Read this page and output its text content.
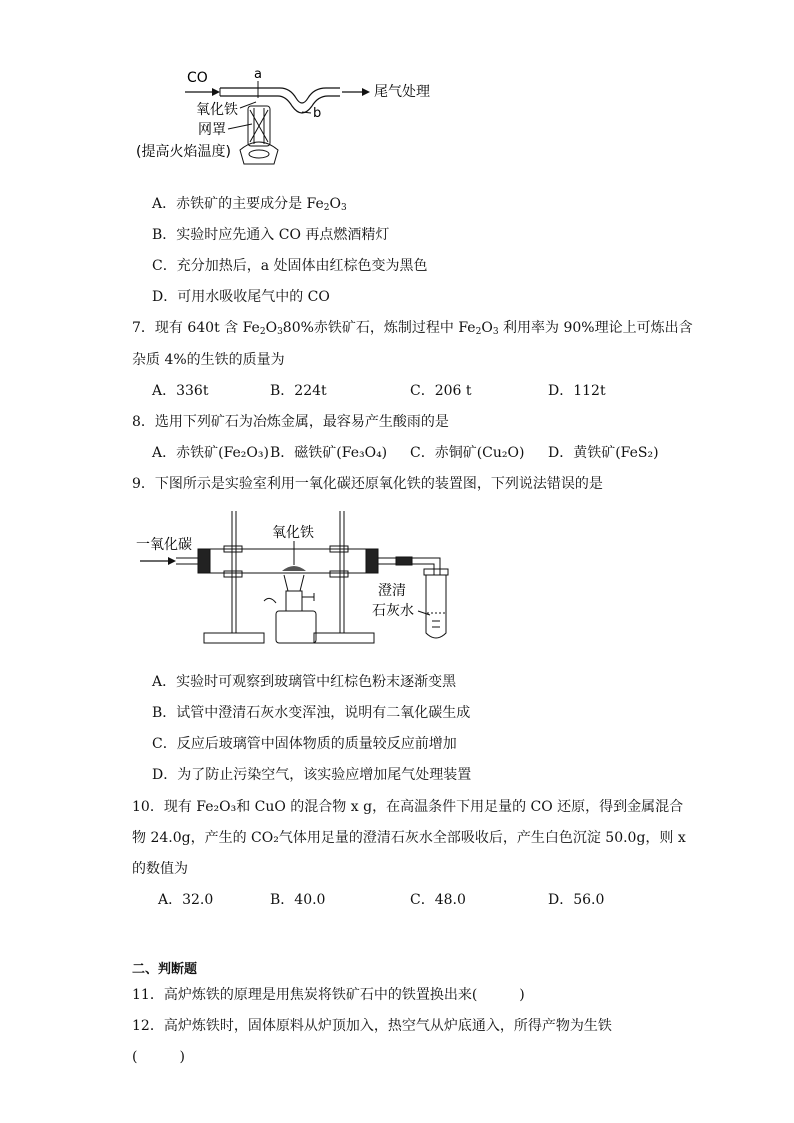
CO	a
b
尾气处理
氧化铁
网罩
(提高火焰温度)
A．赤铁矿的主要成分是 $Fe_2O_3$
B．实验时应先通入 CO 再点燃酒精灯
C．充分加热后，a 处固体由红棕色变为黑色
D．可用水吸收尾气中的 CO
7．现有 640t 含 $Fe_2O_380\%$赤铁矿石，炼制过程中 $Fe_2O_3$ 利用率为 90%理论上可炼出含
杂质 4%的生铁的质量为
A．336t	B．224t	C．206 t	D．112t
8．选用下列矿石为冶炼金属，最容易产生酸雨的是
A．赤铁矿(Fe₂O₃) B．磁铁矿(Fe₃O₄) C．赤铜矿(Cu₂O) D．黄铁矿(FeS₂)
9．下图所示是实验室利用一氧化碳还原氧化铁的装置图，下列说法错误的是
一氧化碳
氧化铁
澄清
石灰水
A．实验时可观察到玻璃管中红棕色粉末逐渐变黑
B．试管中澄清石灰水变浑浊，说明有二氧化碳生成
C．反应后玻璃管中固体物质的质量较反应前增加
D．为了防止污染空气，该实验应增加尾气处理装置
10．现有 Fe₂O₃和 CuO 的混合物 x g，在高温条件下用足量的 CO 还原，得到金属混合
物 24.0g，产生的 CO₂气体用足量的澄清石灰水全部吸收后，产生白色沉淀 50.0g，则 x
的数值为
A．32.0	B．40.0	C．48.0	D．56.0
二、判断题
11．高炉炼铁的原理是用焦炭将铁矿石中的铁置换出来(　　　)
12．高炉炼铁时，固体原料从炉顶加入，热空气从炉底通入，所得产物为生铁
(　　　)
